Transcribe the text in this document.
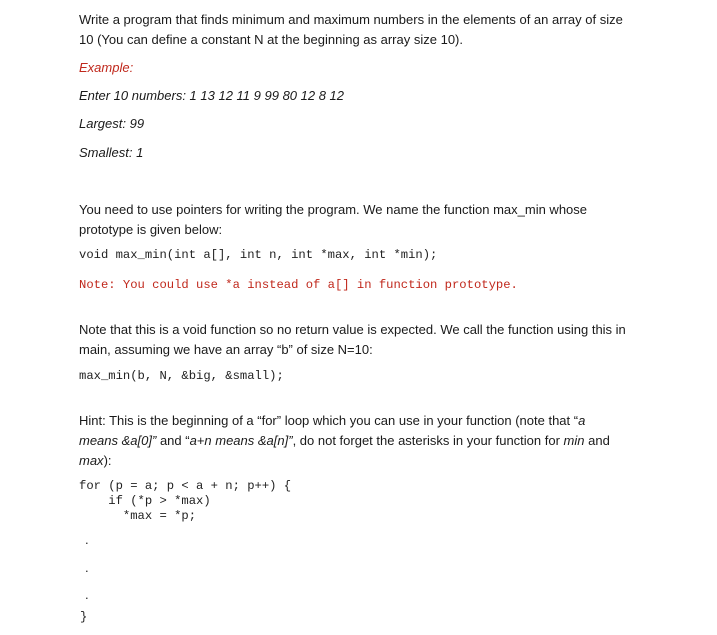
Write a program that finds minimum and maximum numbers in the elements of an array of size
10 (You can define a constant N at the beginning as array size 10).
Example:
Enter 10 numbers: 1 13 12 11 9 99 80 12 8 12
Largest: 99
Smallest: 1
You need to use pointers for writing the program. We name the function max_min whose
prototype is given below:
void max_min(int a[], int n, int *max, int *min);
Note: You could use *a instead of a[] in function prototype.
Note that this is a void function so no return value is expected. We call the function using this in
main, assuming we have an array “b” of size N=10:
max_min(b, N, &big, &small);
Hint: This is the beginning of a “for” loop which you can use in your function (note that “a
means &a[0]” and “a+n means &a[n]”, do not forget the asterisks in your function for min and
max):
for (p = a; p < a + n; p++) {
if (*p > *max)
*max = *p;
.
.
.
}
